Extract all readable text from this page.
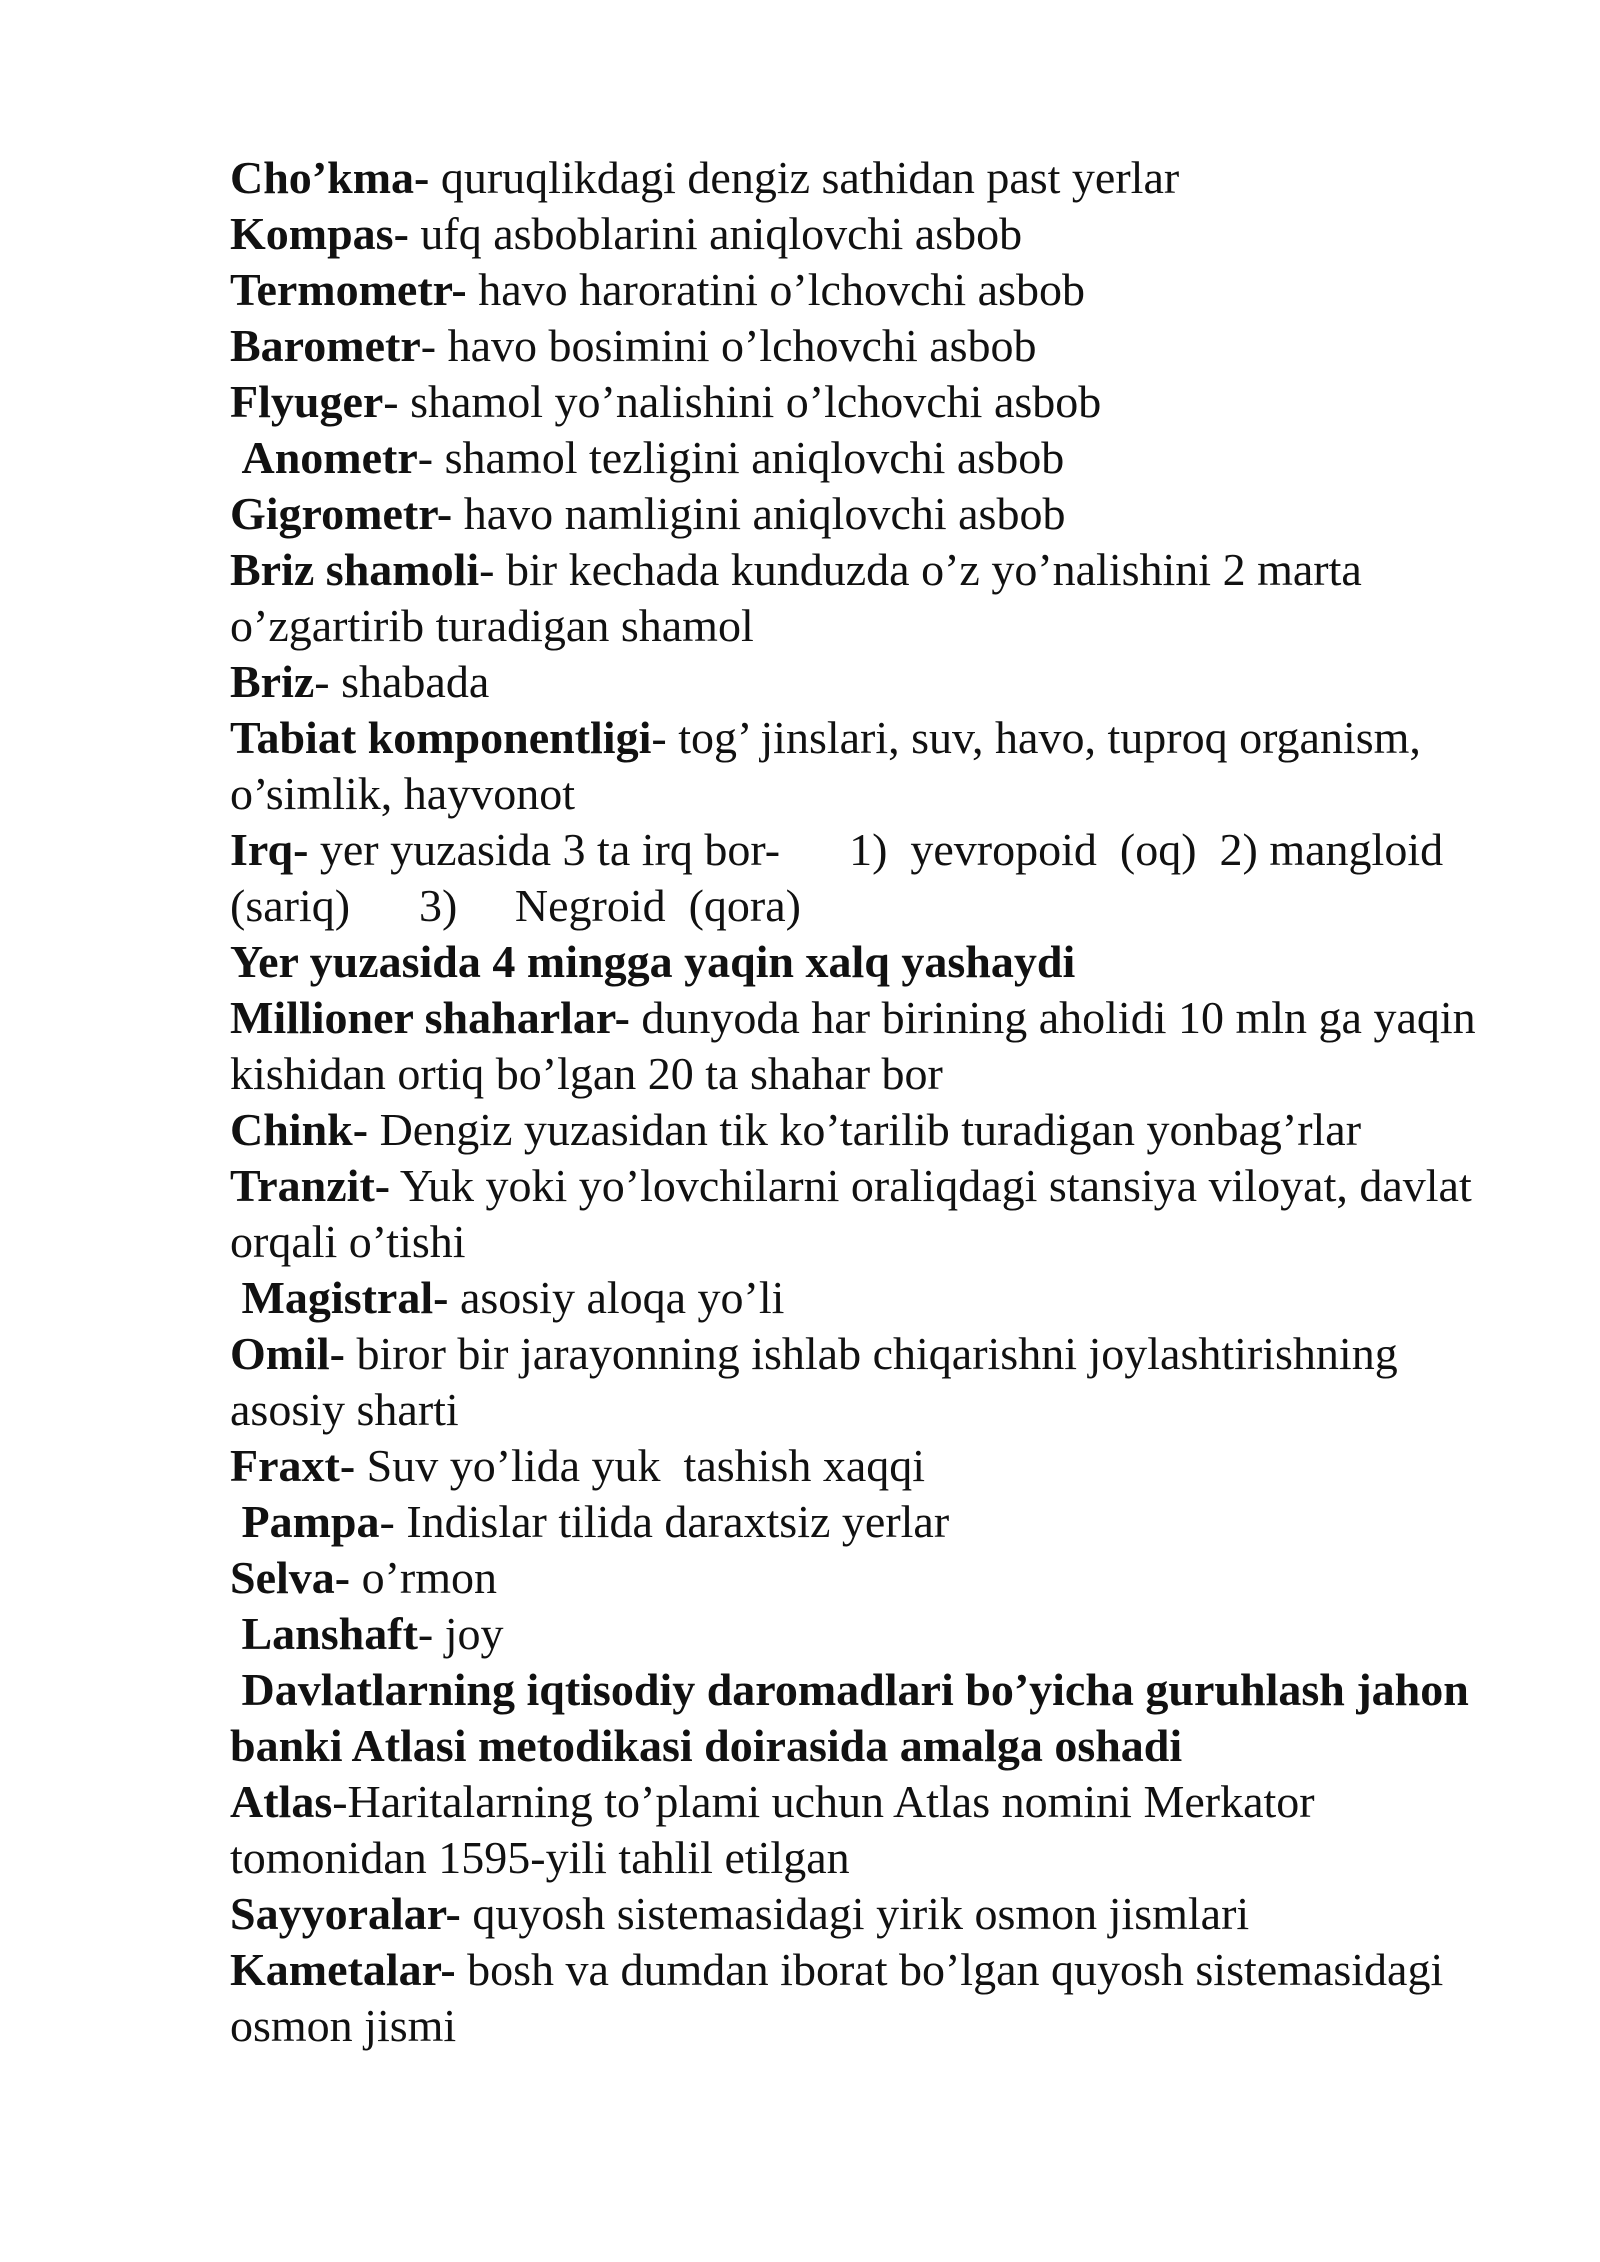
Cho’kma- quruqlikdagi dengiz sathidan past yerlar

Kompas- ufq asboblarini aniqlovchi asbob

Termometr- havo haroratini o’lchovchi asbob

Barometr- havo bosimini o’lchovchi asbob

Flyuger- shamol yo’nalishini o’lchovchi asbob

Anometr- shamol tezligini aniqlovchi asbob

Gigrometr- havo namligini aniqlovchi asbob

Briz shamoli- bir kechada kunduzda o’z yo’nalishini 2 marta o’zgartirib turadigan shamol

Briz- shabada

Tabiat komponentligi- tog’ jinslari, suv, havo, tuproq organism, o’simlik, hayvonot

Irq- yer yuzasida 3 ta irq bor-      1)  yevropoid  (oq)  2) mangloid (sariq)      3)     Negroid  (qora)

Yer yuzasida 4 mingga yaqin xalq yashaydi

Millioner shaharlar- dunyoda har birining aholidi 10 mln ga yaqin kishidan ortiq bo’lgan 20 ta shahar bor

Chink- Dengiz yuzasidan tik ko’tarilib turadigan yonbag’rlar

Tranzit- Yuk yoki yo’lovchilarni oraliqdagi stansiya viloyat, davlat  orqali o’tishi

Magistral- asosiy aloqa yo’li

Omil- biror bir jarayonning ishlab chiqarishni joylashtirishning asosiy sharti

Fraxt- Suv yo’lida yuk  tashish xaqqi

Pampa- Indislar tilida daraxtsiz yerlar

Selva- o’rmon

Lanshaft- joy

Davlatlarning iqtisodiy daromadlari bo’yicha guruhlash jahon banki Atlasi metodikasi doirasida amalga oshadi

Atlas-Haritalarning to’plami uchun Atlas nomini Merkator tomonidan 1595-yili tahlil etilgan

Sayyoralar- quyosh sistemasidagi yirik osmon jismlari

Kametalar- bosh va dumdan iborat bo’lgan quyosh sistemasidagi osmon jismi
